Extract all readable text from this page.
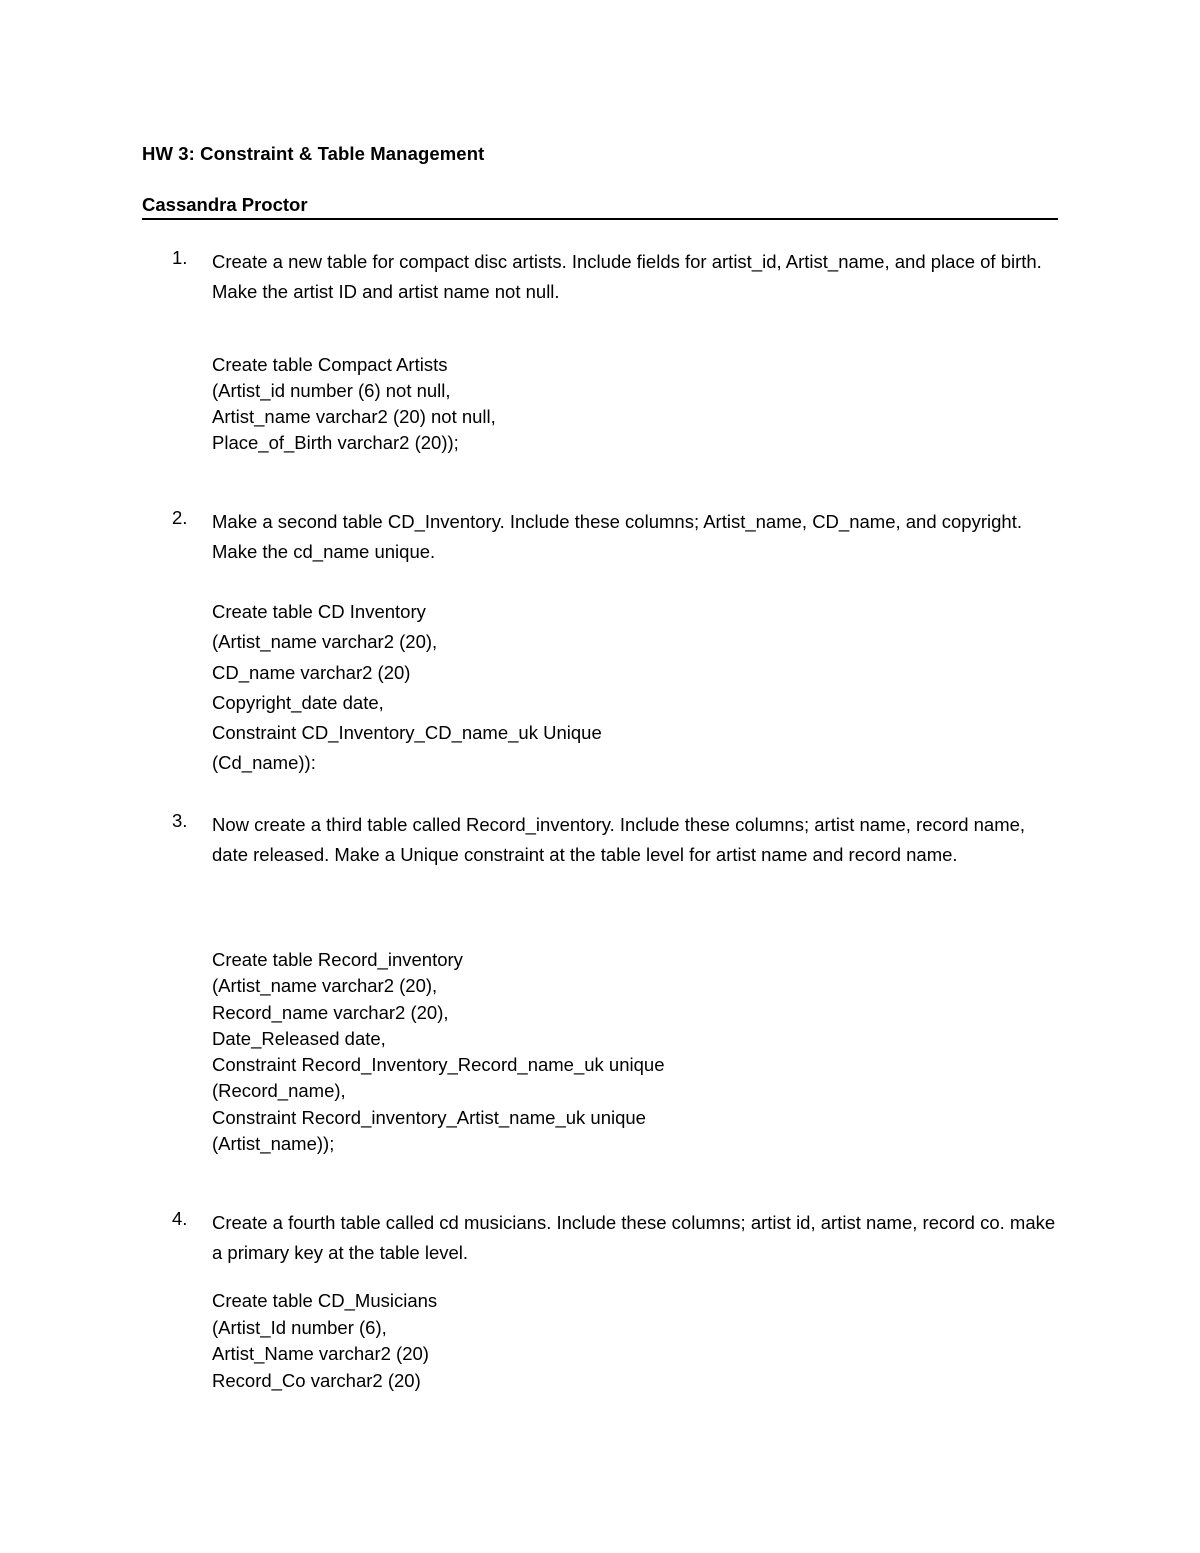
HW 3: Constraint & Table Management
Cassandra Proctor
1. Create a new table for compact disc artists. Include fields for artist_id, Artist_name, and place of birth. Make the artist ID and artist name not null.
Create table Compact Artists
(Artist_id number (6) not null,
Artist_name varchar2 (20) not null,
Place_of_Birth varchar2 (20));
2. Make a second table CD_Inventory. Include these columns; Artist_name, CD_name, and copyright. Make the cd_name unique.
Create table CD Inventory
(Artist_name varchar2 (20),
CD_name varchar2 (20)
Copyright_date date,
Constraint CD_Inventory_CD_name_uk Unique
(Cd_name)):
3. Now create a third table called Record_inventory. Include these columns; artist name, record name, date released. Make a Unique constraint at the table level for artist name and record name.
Create table Record_inventory
(Artist_name varchar2 (20),
Record_name varchar2 (20),
Date_Released date,
Constraint Record_Inventory_Record_name_uk unique
(Record_name),
Constraint Record_inventory_Artist_name_uk unique
(Artist_name));
4. Create a fourth table called cd musicians. Include these columns; artist id, artist name, record co. make a primary key at the table level.
Create table CD_Musicians
(Artist_Id number (6),
Artist_Name varchar2 (20)
Record_Co varchar2 (20)
